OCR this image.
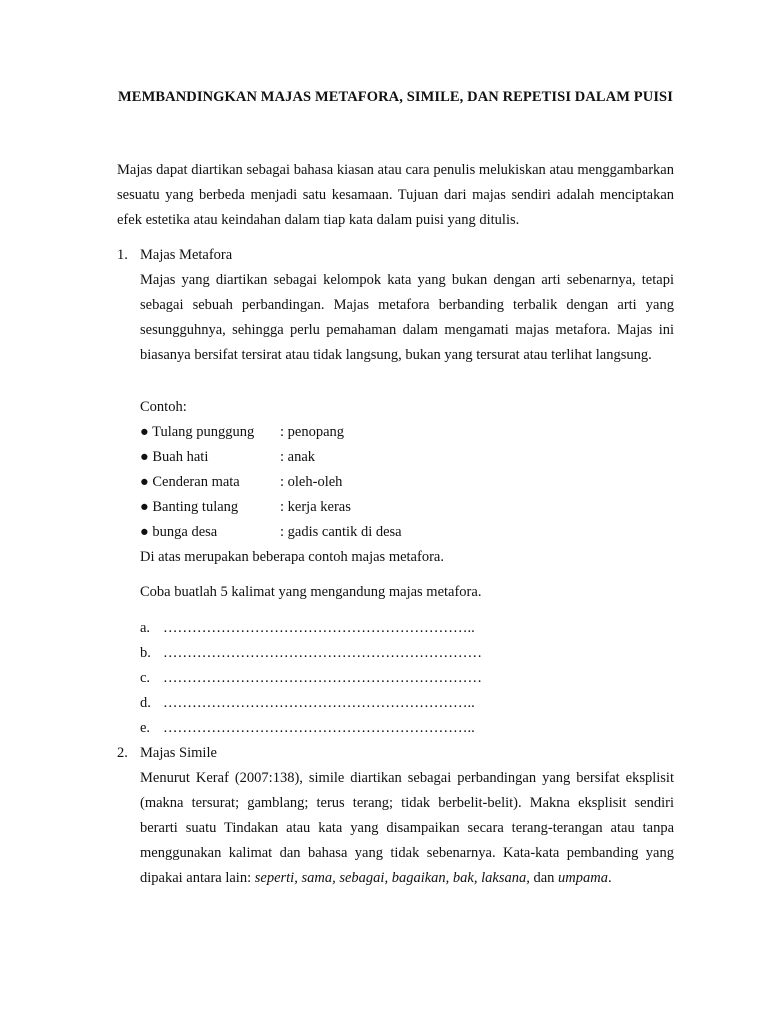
MEMBANDINGKAN MAJAS METAFORA, SIMILE, DAN REPETISI DALAM PUISI
Majas dapat diartikan sebagai bahasa kiasan atau cara penulis melukiskan atau menggambarkan sesuatu yang berbeda menjadi satu kesamaan. Tujuan dari majas sendiri adalah menciptakan efek estetika atau keindahan dalam tiap kata dalam puisi yang ditulis.
1. Majas Metafora
Majas yang diartikan sebagai kelompok kata yang bukan dengan arti sebenarnya, tetapi sebagai sebuah perbandingan. Majas metafora berbanding terbalik dengan arti yang sesungguhnya, sehingga perlu pemahaman dalam mengamati majas metafora. Majas ini biasanya bersifat tersirat atau tidak langsung, bukan yang tersurat atau terlihat langsung.
Contoh:
● Tulang punggung : penopang
● Buah hati	: anak
● Cenderan mata	: oleh-oleh
● Banting tulang	: kerja keras
● bunga desa	: gadis cantik di desa
Di atas merupakan beberapa contoh majas metafora.
Coba buatlah 5 kalimat yang mengandung majas metafora.
a. ………………………………………………………..
b. …………………………………………………………
c. …………………………………………………………
d. ………………………………………………………..
e. ………………………………………………………..
2. Majas Simile
Menurut Keraf (2007:138), simile diartikan sebagai perbandingan yang bersifat eksplisit (makna tersurat; gamblang; terus terang; tidak berbelit-belit). Makna eksplisit sendiri berarti suatu Tindakan atau kata yang disampaikan secara terang-terangan atau tanpa menggunakan kalimat dan bahasa yang tidak sebenarnya. Kata-kata pembanding yang dipakai antara lain: seperti, sama, sebagai, bagaikan, bak, laksana, dan umpama.
